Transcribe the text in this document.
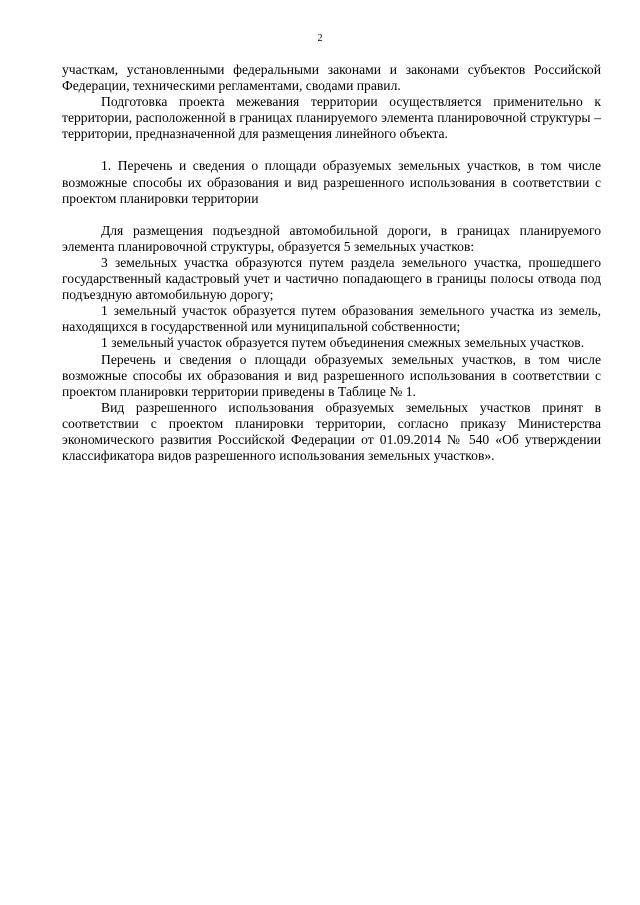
2

участкам, установленными федеральными законами и законами субъектов Российской Федерации, техническими регламентами, сводами правил.

Подготовка проекта межевания территории осуществляется применительно к территории, расположенной в границах планируемого элемента планировочной структуры – территории, предназначенной для размещения линейного объекта.

1. Перечень и сведения о площади образуемых земельных участков, в том числе возможные способы их образования и вид разрешенного использования в соответствии с проектом планировки территории

Для размещения подъездной автомобильной дороги, в границах планируемого элемента планировочной структуры, образуется 5 земельных участков:

3 земельных участка образуются путем раздела земельного участка, прошедшего государственный кадастровый учет и частично попадающего в границы полосы отвода под подъездную автомобильную дорогу;

1 земельный участок образуется путем образования земельного участка из земель, находящихся в государственной или муниципальной собственности;

1 земельный участок образуется путем объединения смежных земельных участков.

Перечень и сведения о площади образуемых земельных участков, в том числе возможные способы их образования и вид разрешенного использования в соответствии с проектом планировки территории приведены в Таблице № 1.

Вид разрешенного использования образуемых земельных участков принят в соответствии с проектом планировки территории, согласно приказу Министерства экономического развития Российской Федерации от 01.09.2014 № 540 «Об утверждении классификатора видов разрешенного использования земельных участков».
